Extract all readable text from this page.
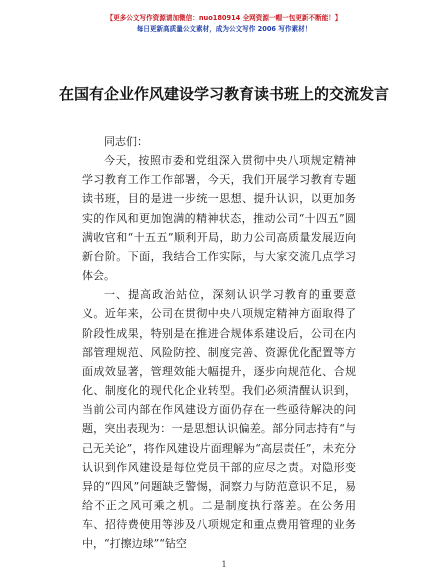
【更多公文写作资源请加微信：nuo180914 全网资源一帽一包更新不断能！】
每日更新高质量公文素材，成为公文写作 2006 写作素材！
在国有企业作风建设学习教育读书班上的交流发言

同志们：

今天，按照市委和党组深入贯彻中央八项规定精神学习教育工作工作部署，今天，我们开展学习教育专题读书班，目的是进一步统一思想、提升认识，以更加务实的作风和更加饱满的精神状态，推动公司“十四五”圆满收官和“十五五”顺利开局，助力公司高质量发展迈向新台阶。下面，我结合工作实际，与大家交流几点学习体会。

一、提高政治站位，深刻认识学习教育的重要意义。近年来，公司在贯彻中央八项规定精神方面取得了阶段性成果，特别是在推进合规体系建设后，公司在内部管理规范、风险防控、制度完善、资源优化配置等方面成效显著，管理效能大幅提升，逐步向规范化、合规化、制度化的现代化企业转型。我们必须清醒认识到，当前公司内部在作风建设方面仍存在一些亟待解决的问题，突出表现为：一是思想认识偏差。部分同志持有“与己无关论”，将作风建设片面理解为“高层责任”，未充分认识到作风建设是每位党员干部的应尽之责。对隐形变异的“四风”问题缺乏警惕，洞察力与防范意识不足，易给不正之风可乘之机。二是制度执行落差。在公务用车、招待费使用等涉及八项规定和重点费用管理的业务中，“打擦边球”“钻空

1
